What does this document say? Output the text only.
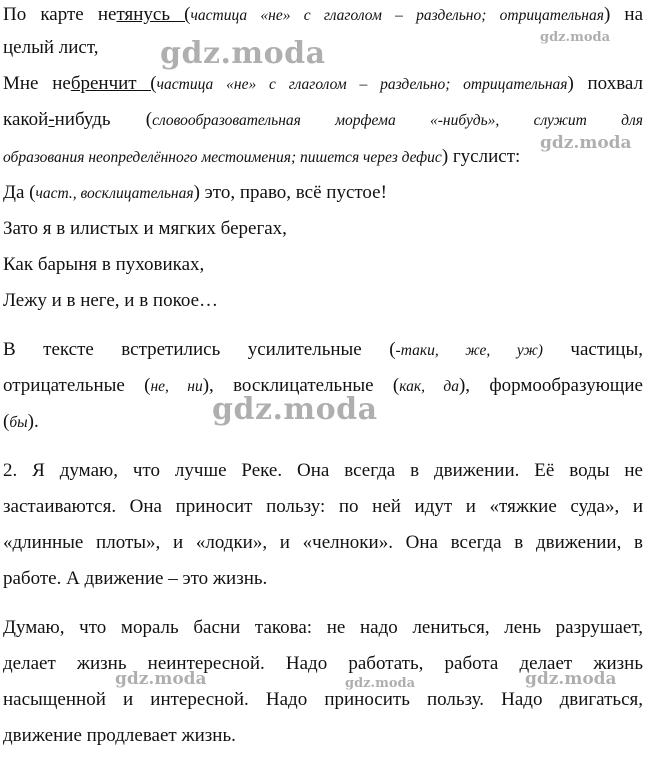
По карте нетянусь (частица «не» с глаголом – раздельно; отрицательная) на
целый лист,
Мне небренчит (частица «не» с глаголом – раздельно; отрицательная) похвал
какой-нибудь (словообразовательная морфема «-нибудь», служит для
образования неопределённого местоимения; пишется через дефис) гуслист:
Да (част., восклицательная) это, право, всё пустое!
Зато я в илистых и мягких берегах,
Как барыня в пуховиках,
Лежу и в неге, и в покое…
В тексте встретились усилительные (-таки, же, уж) частицы,
отрицательные (не, ни), восклицательные (как, да), формообразующие
(бы).
2. Я думаю, что лучше Реке. Она всегда в движении. Её воды не
застаиваются. Она приносит пользу: по ней идут и «тяжкие суда», и
«длинные плоты», и «лодки», и «челноки». Она всегда в движении, в
работе. А движение – это жизнь.
Думаю, что мораль басни такова: не надо лениться, лень разрушает,
делает жизнь неинтересной. Надо работать, работа делает жизнь
насыщенной и интересной. Надо приносить пользу. Надо двигаться,
движение продлевает жизнь.
gdz.moda	gdz.moda
gdz.moda
gdz.moda
gdz.moda	gdz.moda	gdz.moda
